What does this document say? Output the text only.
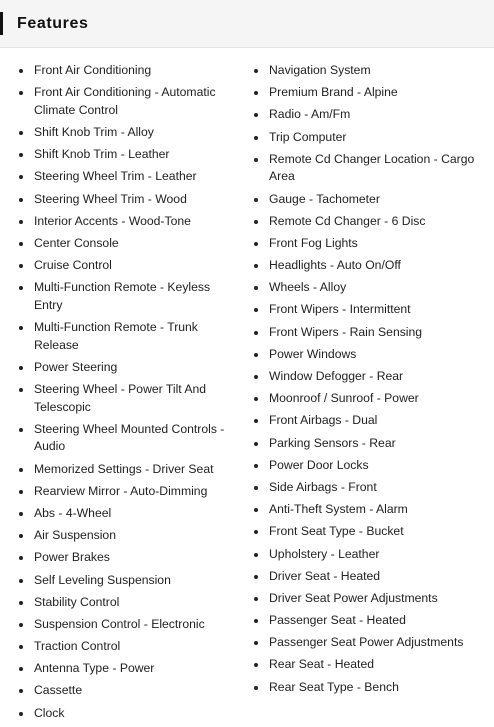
Features
Front Air Conditioning
Front Air Conditioning - Automatic Climate Control
Shift Knob Trim - Alloy
Shift Knob Trim - Leather
Steering Wheel Trim - Leather
Steering Wheel Trim - Wood
Interior Accents - Wood-Tone
Center Console
Cruise Control
Multi-Function Remote - Keyless Entry
Multi-Function Remote - Trunk Release
Power Steering
Steering Wheel - Power Tilt And Telescopic
Steering Wheel Mounted Controls - Audio
Memorized Settings - Driver Seat
Rearview Mirror - Auto-Dimming
Abs - 4-Wheel
Air Suspension
Power Brakes
Self Leveling Suspension
Stability Control
Suspension Control - Electronic
Traction Control
Antenna Type - Power
Cassette
Clock
Navigation System
Premium Brand - Alpine
Radio - Am/Fm
Trip Computer
Remote Cd Changer Location - Cargo Area
Gauge - Tachometer
Remote Cd Changer - 6 Disc
Front Fog Lights
Headlights - Auto On/Off
Wheels - Alloy
Front Wipers - Intermittent
Front Wipers - Rain Sensing
Power Windows
Window Defogger - Rear
Moonroof / Sunroof - Power
Front Airbags - Dual
Parking Sensors - Rear
Power Door Locks
Side Airbags - Front
Anti-Theft System - Alarm
Front Seat Type - Bucket
Upholstery - Leather
Driver Seat - Heated
Driver Seat Power Adjustments
Passenger Seat - Heated
Passenger Seat Power Adjustments
Rear Seat - Heated
Rear Seat Type - Bench
